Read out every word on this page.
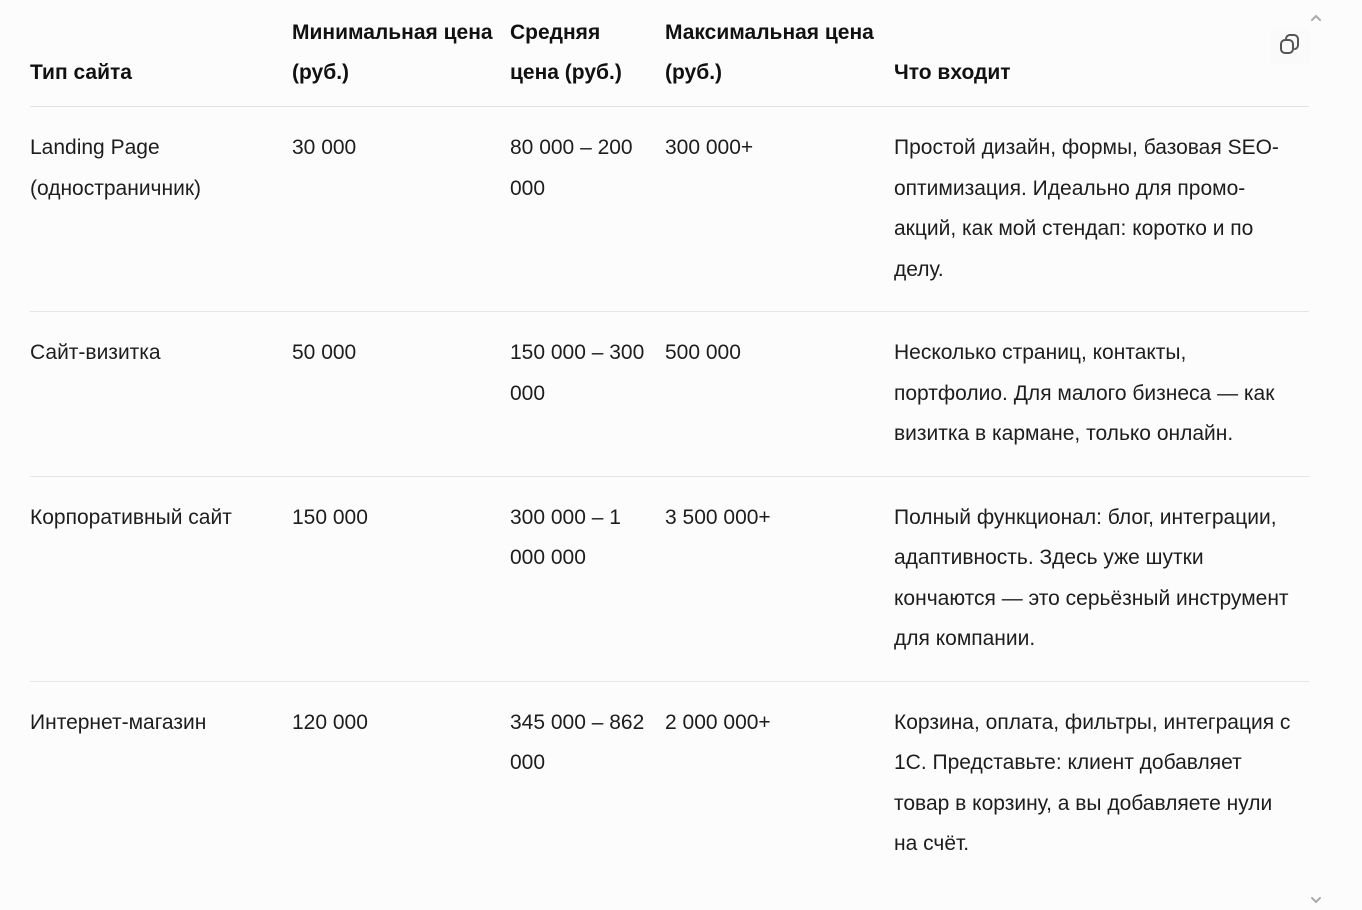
Тип сайта	Минимальная цена (руб.)	Средняя цена (руб.)	Максимальная цена (руб.)	Что входит
Landing Page (одностраничник)	30 000	80 000 – 200 000	300 000+	Простой дизайн, формы, базовая SEO-оптимизация. Идеально для промо-акций, как мой стендап: коротко и по делу.
Сайт-визитка	50 000	150 000 – 300 000	500 000	Несколько страниц, контакты, портфолио. Для малого бизнеса — как визитка в кармане, только онлайн.
Корпоративный сайт	150 000	300 000 – 1 000 000	3 500 000+	Полный функционал: блог, интеграции, адаптивность. Здесь уже шутки кончаются — это серьёзный инструмент для компании.
Интернет-магазин	120 000	345 000 – 862 000	2 000 000+	Корзина, оплата, фильтры, интеграция с 1С. Представьте: клиент добавляет товар в корзину, а вы добавляете нули на счёт.
